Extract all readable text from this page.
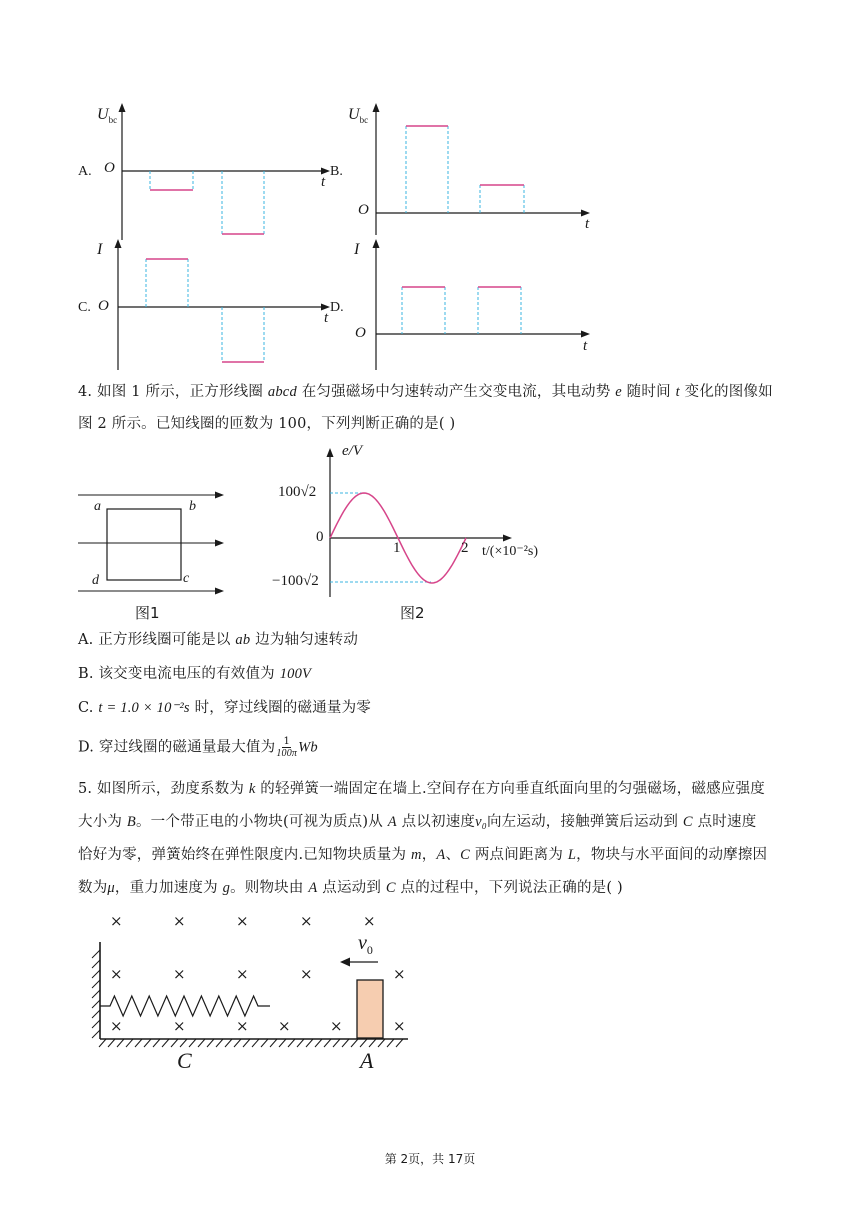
A.
$U_{bc}$
O
t
B.
$U_{bc}$
O
t
C.
I
O
t
D.
I
O
t
4. 如图 1 所示，正方形线圈 abcd 在匀强磁场中匀速转动产生交变电流，其电动势 e 随时间 t 变化的图像如
图 2 所示。已知线圈的匝数为 100，下列判断正确的是( )
a	b
c
d
图1
e/V
100√2
−100√2
0
1	2 t/(×10⁻²s)
图2
A. 正方形线圈可能是以 ab 边为轴匀速转动
B. 该交变电流电压的有效值为 100V
C. t = 1.0 × 10⁻²s 时，穿过线圈的磁通量为零
D. 穿过线圈的磁通量最大值为 $\frac{1}{100\pi}$ Wb
5. 如图所示，劲度系数为 k 的轻弹簧一端固定在墙上.空间存在方向垂直纸面向里的匀强磁场，磁感应强度
大小为 B。一个带正电的小物块(可视为质点)从 A 点以初速度v₀向左运动，接触弹簧后运动到 C 点时速度
恰好为零，弹簧始终在弹性限度内.已知物块质量为 m，A、C 两点间距离为 L，物块与水平面间的动摩擦因
数为μ，重力加速度为 g。则物块由 A 点运动到 C 点的过程中，下列说法正确的是( )
×	×	×	×	×
×	×	×	×	×
×	×	× ×	×	×
$v_0$
C	A
第 2页，共 17页
